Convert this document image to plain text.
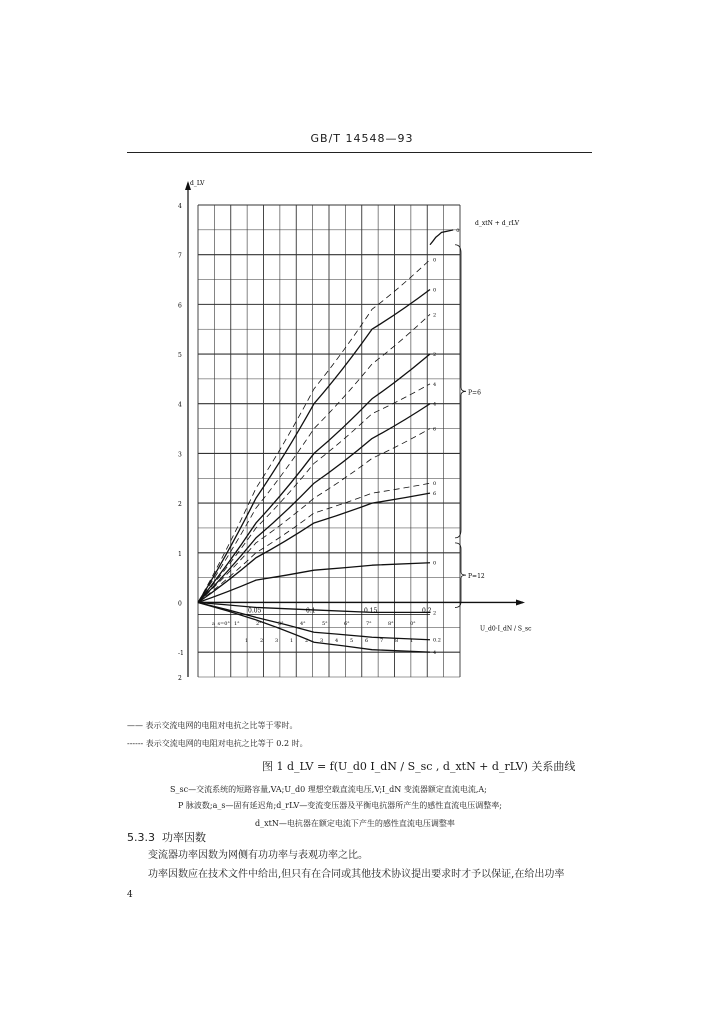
GB/T 14548—93
d_LV
4
7
6
5
4
3
2
1
0
-1
2
0.05	0.1	0.15	0.2
U_d0·I_dN / S_sc
d_xtN + d_rLV
P=6
P=12
0
0
2
2
4
4
6
6
0
0
2
0.2
4
0
a_s=0° 1°	2°	3°	4°	5°	6°	7°	8°	0°
1 2 3 1 2 3 4 5 6 7 8 1
—— 表示交流电网的电阻对电抗之比等于零时。
------ 表示交流电网的电阻对电抗之比等于 0.2 时。
图 1 d_LV = f(U_d0 I_dN / S_sc , d_xtN + d_rLV) 关系曲线
S_sc—交流系统的短路容量,VA;U_d0 理想空载直流电压,V;I_dN 变流器额定直流电流,A;
P 脉波数;a_s—固有延迟角;d_rLV—变流变压器及平衡电抗器所产生的感性直流电压调整率;
d_xtN—电抗器在额定电流下产生的感性直流电压调整率
5.3.3 功率因数
变流器功率因数为网侧有功功率与表观功率之比。
功率因数应在技术文件中给出,但只有在合同或其他技术协议提出要求时才予以保证,在给出功率
4
